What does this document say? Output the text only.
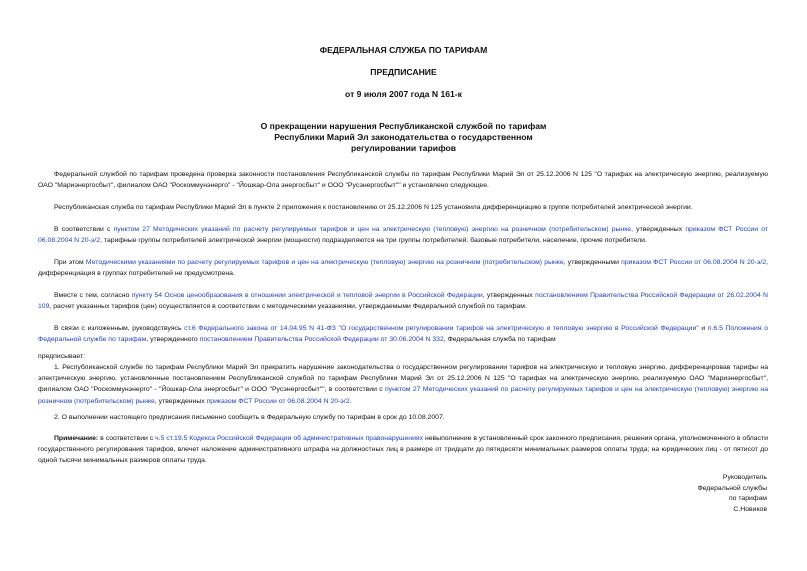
ФЕДЕРАЛЬНАЯ СЛУЖБА ПО ТАРИФАМ
ПРЕДПИСАНИЕ
от 9 июля 2007 года N 161-к
О прекращении нарушения Республиканской службой по тарифам
Республики Марий Эл законодательства о государственном
регулировании тарифов

Федеральной службой по тарифам проведена проверка законности постановления Республиканской службы по тарифам Республики Марий Эл от 25.12.2006 N 125 "О тарифах на электрическую энергию, реализуемую ОАО "Мариэнергосбыт", филиалом ОАО "Роскоммунэнерго" - "Йошкар-Ола энергосбыт" и ООО "Русэнергосбыт"" и установлено следующее.

Республиканская служба по тарифам Республики Марий Эл в пункте 2 приложения к постановлению от 25.12.2006 N 125 установила дифференциацию в группе потребителей электрической энергии.

В соответствии с пунктом 27 Методических указаний по расчету регулируемых тарифов и цен на электрическую (тепловую) энергию на розничном (потребительском) рынке, утвержденных приказом ФСТ России от 06.08.2004 N 20-э/2, тарифные группы потребителей электрической энергии (мощности) подразделяются на три группы потребителей: базовые потребители, население, прочие потребители.

При этом Методическими указаниями по расчету регулируемых тарифов и цен на электрическую (тепловую) энергию на розничном (потребительском) рынке, утвержденными приказом ФСТ России от 06.08.2004 N 20-э/2, дифференциация в группах потребителей не предусмотрена.

Вместе с тем, согласно пункту 54 Основ ценообразования в отношении электрической и тепловой энергии в Российской Федерации, утвержденных постановлением Правительства Российской Федерации от 26.02.2004 N 109, расчет указанных тарифов (цен) осуществляется в соответствии с методическими указаниями, утверждаемыми Федеральной службой по тарифам.

В связи с изложенным, руководствуясь ст.6 Федерального закона от 14.04.95 N 41-ФЗ "О государственном регулировании тарифов на электрическую и тепловую энергию в Российской Федерации" и п.6.5 Положения о Федеральной службе по тарифам, утвержденного постановлением Правительства Российской Федерации от 30.06.2004 N 332, Федеральная служба по тарифам

предписывает:

1. Республиканской службе по тарифам Республики Марий Эл прекратить нарушение законодательства о государственном регулировании тарифов на электрическую и тепловую энергию, дифференцировав тарифы на электрическую энергию, установленные постановлением Республиканской службой по тарифам Республики Марий Эл от 25.12.2006 N 125 "О тарифах на электрическую энергию, реализуемую ОАО "Мариэнергосбыт", филиалом ОАО "Роскоммунэнерго" - "Йошкар-Ола энергосбыт" и ООО "Русэнергосбыт"", в соответствии с пунктом 27 Методических указаний по расчету регулируемых тарифов и цен на электрическую (тепловую) энергию на розничном (потребительском) рынке, утвержденных приказом ФСТ России от 06.08.2004 N 20-э/2.

2. О выполнении настоящего предписания письменно сообщить в Федеральную службу по тарифам в срок до 10.08.2007.

Примечание: в соответствии с ч.5 ст.19.5 Кодекса Российской Федерации об административных правонарушениях невыполнение в установленный срок законного предписания, решения органа, уполномоченного в области государственного регулирования тарифов, влечет наложение административного штрафа на должностных лиц в размере от тридцати до пятидесяти минимальных размеров оплаты труда; на юридических лиц - от пятисот до одной тысячи минимальных размеров оплаты труда.

Руководитель
Федеральной службы
по тарифам
С.Новиков
